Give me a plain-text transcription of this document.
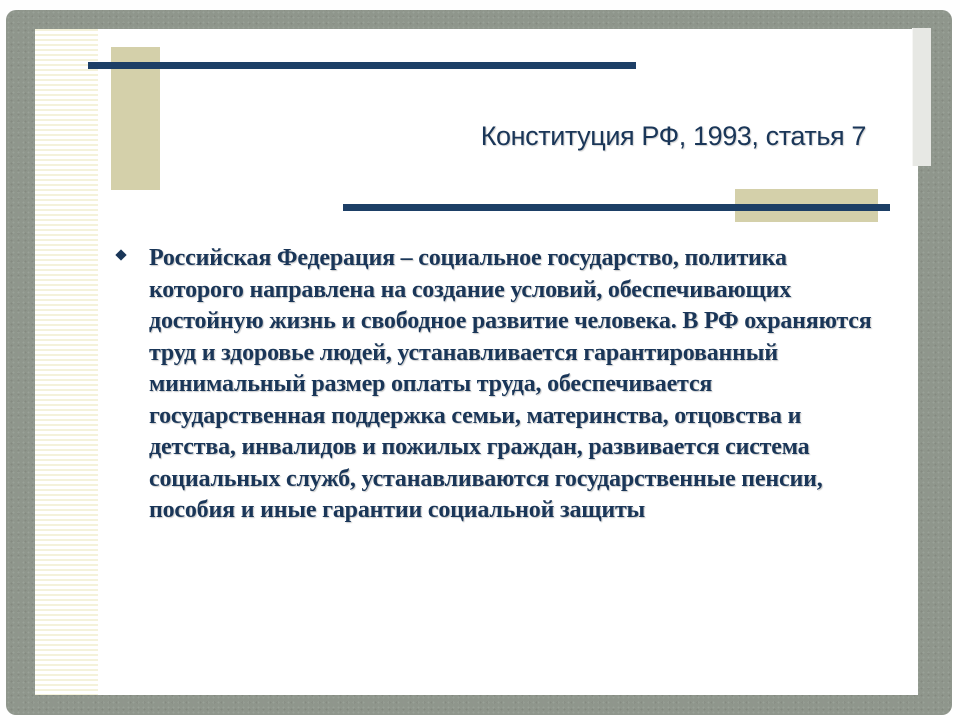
Конституция РФ, 1993, статья 7

Российская Федерация – социальное государство, политика которого направлена на создание условий, обеспечивающих достойную жизнь и свободное развитие человека. В РФ охраняются труд и здоровье людей, устанавливается гарантированный минимальный размер оплаты труда, обеспечивается государственная поддержка семьи, материнства, отцовства и детства, инвалидов и пожилых граждан, развивается система социальных служб, устанавливаются государственные пенсии, пособия и иные гарантии социальной защиты
